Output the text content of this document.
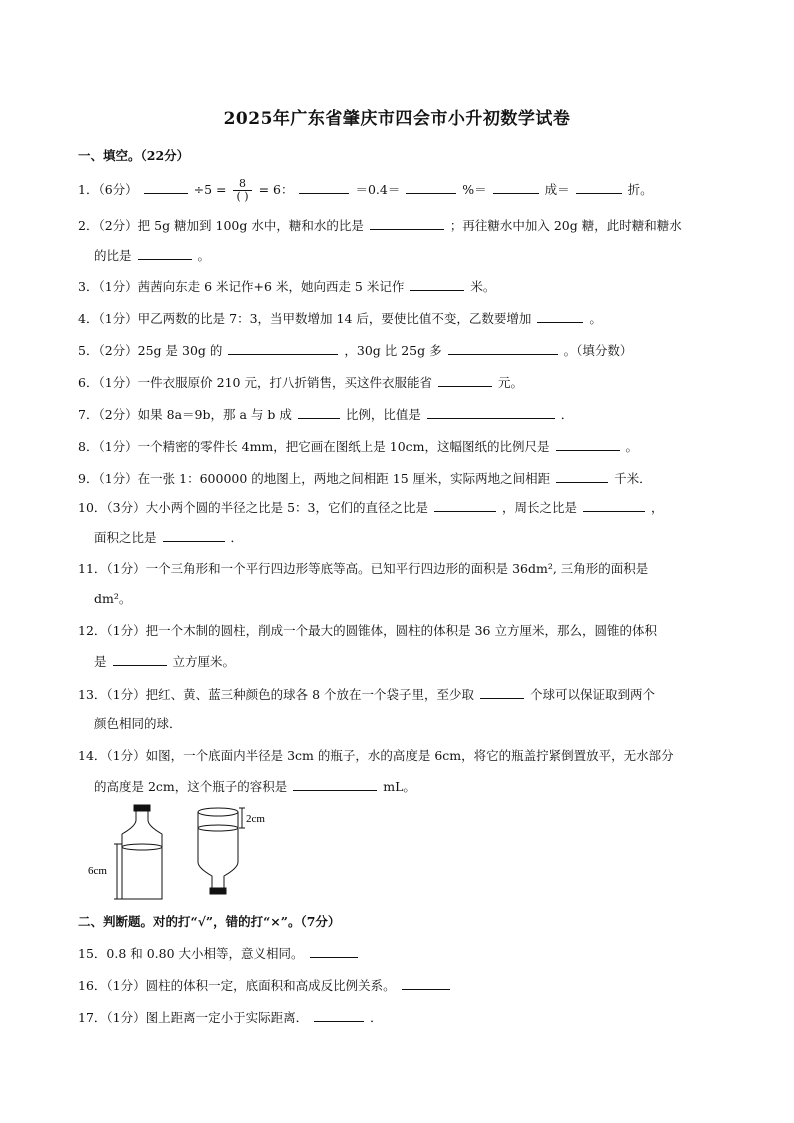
2025年广东省肇庆市四会市小升初数学试卷
一、填空。（22分）
1．（6分）	$\div 5 = \frac{8}{( )} = 6$：	＝0.4＝	%＝	成＝	折。
2．（2分）把 5g 糖加到 100g 水中，糖和水的比是	；再往糖水中加入 20g 糖，此时糖和糖水
的比是	。
3．（1分）茜茜向东走 6 米记作+6 米，她向西走 5 米记作	米。
4．（1分）甲乙两数的比是 7：3，当甲数增加 14 后，要使比值不变，乙数要增加	。
5．（2分）25g 是 30g 的	，30g 比 25g 多	。（填分数）
6．（1分）一件衣服原价 210 元，打八折销售，买这件衣服能省	元。
7．（2分）如果 8a＝9b，那 a 与 b 成	比例，比值是	．
8．（1分）一个精密的零件长 4mm，把它画在图纸上是 10cm，这幅图纸的比例尺是	。
9．（1分）在一张 1：600000 的地图上，两地之间相距 15 厘米，实际两地之间相距	千米．
10．（3分）大小两个圆的半径之比是 5：3，它们的直径之比是	，周长之比是	，
面积之比是	．
11．（1分）一个三角形和一个平行四边形等底等高。已知平行四边形的面积是 36dm², 三角形的面积是
dm²。
12．（1分）把一个木制的圆柱，削成一个最大的圆锥体，圆柱的体积是 36 立方厘米，那么，圆锥的体积
是	立方厘米。
13．（1分）把红、黄、蓝三种颜色的球各 8 个放在一个袋子里，至少取	个球可以保证取到两个
颜色相同的球．
14．（1分）如图，一个底面内半径是 3cm 的瓶子，水的高度是 6cm，将它的瓶盖拧紧倒置放平，无水部分
的高度是 2cm，这个瓶子的容积是	mL。
6cm
2cm
二、判断题。对的打“√”，错的打“×”。（7分）
15．0.8 和 0.80 大小相等，意义相同。
16．（1分）圆柱的体积一定，底面积和高成反比例关系。
17．（1分）图上距离一定小于实际距离．	．
